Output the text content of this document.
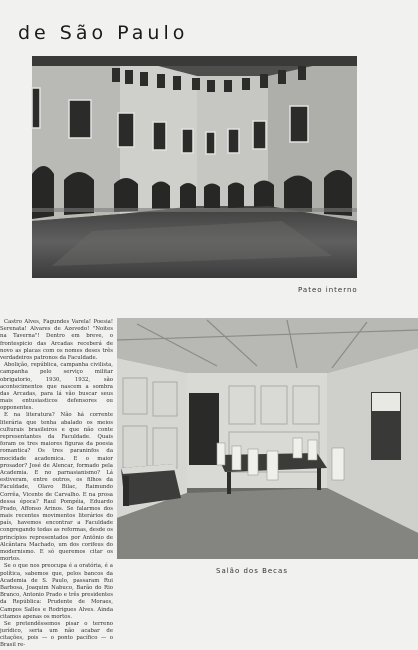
de São Paulo
Pateo interno

Castro Alves, Fagundes Varela! Poesia! Serenata! Alvares de Azevedo! "Noites na Taverna"! Dentro em breve, o frontespicio das Arcadas receberá de novo as placas com os nomes deses três verdadeiros patronos da Faculdade.

Abolição, república, campanha civilista, campanha pelo serviço militar obrigatorio, 1930, 1932, são acontecimentos que nascem a sombra das Arcadas, para lá vão buscar seus mais entusiasticos defensores ou opponentes.

E na literatura? Não há corrente literária que tenha abalado os meios culturais brasileiros e que não conte representantes da Faculdade. Quais foram os tres maiores figuras da poesia romantica? Os tres paraninfos da mocidade academica. E o maior prosador? José de Alencar, formado pela Academia. E no parnasianismo? Lá estiveram, entre outros, os filhos da Faculdade, Olavo Bilac, Raimundo Corrêa, Vicente de Carvalho. E na prosa dessa época? Raul Pompéia, Eduardo Prado, Affonso Arinos. Se falarmos dos mais recentes movimentos literários do país, havemos encontrar a Faculdade congregando todas as reformas, desde os princípios representados por Antônio de Alcântara Machado, um dos corifeus do modernismo. E só queremos citar os mortos.

Se o que nos preocupa é a oratória, é a política, sabemos que, pelos bancos da Academia de S. Paulo, passaram Rui Barbosa, Joaquim Nabuco, Barão do Rio Branco, Antonio Prado e três presidentes da República: Prudente de Moraes, Campos Salles e Rodrigues Alves. Ainda citamos apenas os mortos.

Se pretendêssemos pisar o terreno jurídico, seria um não acabar de citações, pois — o ponto pacífico — o Brasil re-

Salão dos Becas
